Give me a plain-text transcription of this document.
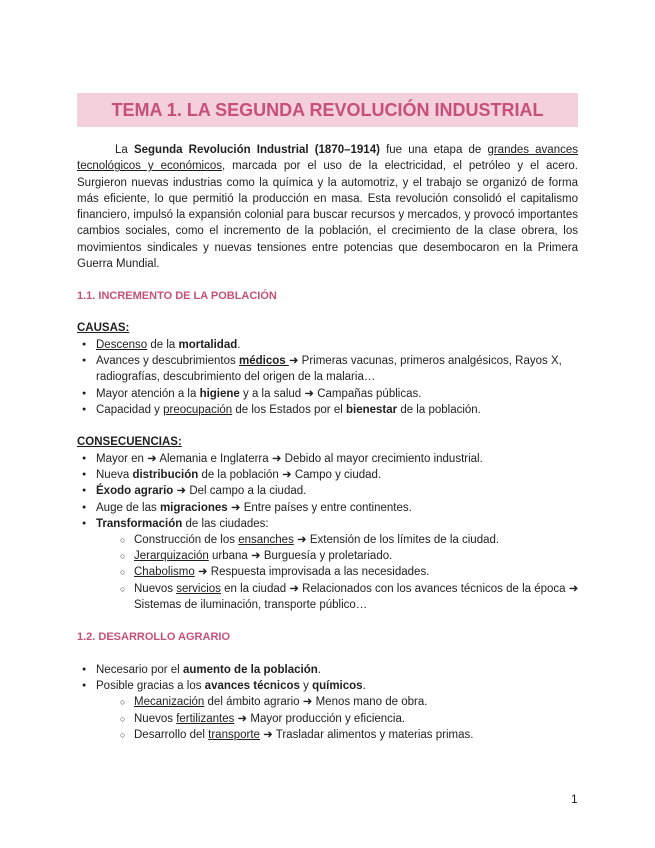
TEMA 1. LA SEGUNDA REVOLUCIÓN INDUSTRIAL

La Segunda Revolución Industrial (1870–1914) fue una etapa de grandes avances tecnológicos y económicos, marcada por el uso de la electricidad, el petróleo y el acero. Surgieron nuevas industrias como la química y la automotriz, y el trabajo se organizó de forma más eficiente, lo que permitió la producción en masa. Esta revolución consolidó el capitalismo financiero, impulsó la expansión colonial para buscar recursos y mercados, y provocó importantes cambios sociales, como el incremento de la población, el crecimiento de la clase obrera, los movimientos sindicales y nuevas tensiones entre potencias que desembocaron en la Primera Guerra Mundial.

1.1. INCREMENTO DE LA POBLACIÓN
CAUSAS:
● Descenso de la mortalidad.
● Avances y descubrimientos médicos ➜ Primeras vacunas, primeros analgésicos, Rayos X, radiografías, descubrimiento del origen de la malaria…
● Mayor atención a la higiene y a la salud ➜ Campañas públicas.
● Capacidad y preocupación de los Estados por el bienestar de la población.
CONSECUENCIAS:
● Mayor en ➜ Alemania e Inglaterra ➜ Debido al mayor crecimiento industrial.
● Nueva distribución de la población ➜ Campo y ciudad.
● Éxodo agrario ➜ Del campo a la ciudad.
● Auge de las migraciones ➜ Entre países y entre continentes.
● Transformación de las ciudades:
○ Construcción de los ensanches ➜ Extensión de los límites de la ciudad.
○ Jerarquización urbana ➜ Burguesía y proletariado.
○ Chabolismo ➜ Respuesta improvisada a las necesidades.
○ Nuevos servicios en la ciudad ➜ Relacionados con los avances técnicos de la época ➜ Sistemas de iluminación, transporte público…
1.2. DESARROLLO AGRARIO
● Necesario por el aumento de la población.
● Posible gracias a los avances técnicos y químicos.
○ Mecanización del ámbito agrario ➜ Menos mano de obra.
○ Nuevos fertilizantes ➜ Mayor producción y eficiencia.
○ Desarrollo del transporte ➜ Trasladar alimentos y materias primas.
1
